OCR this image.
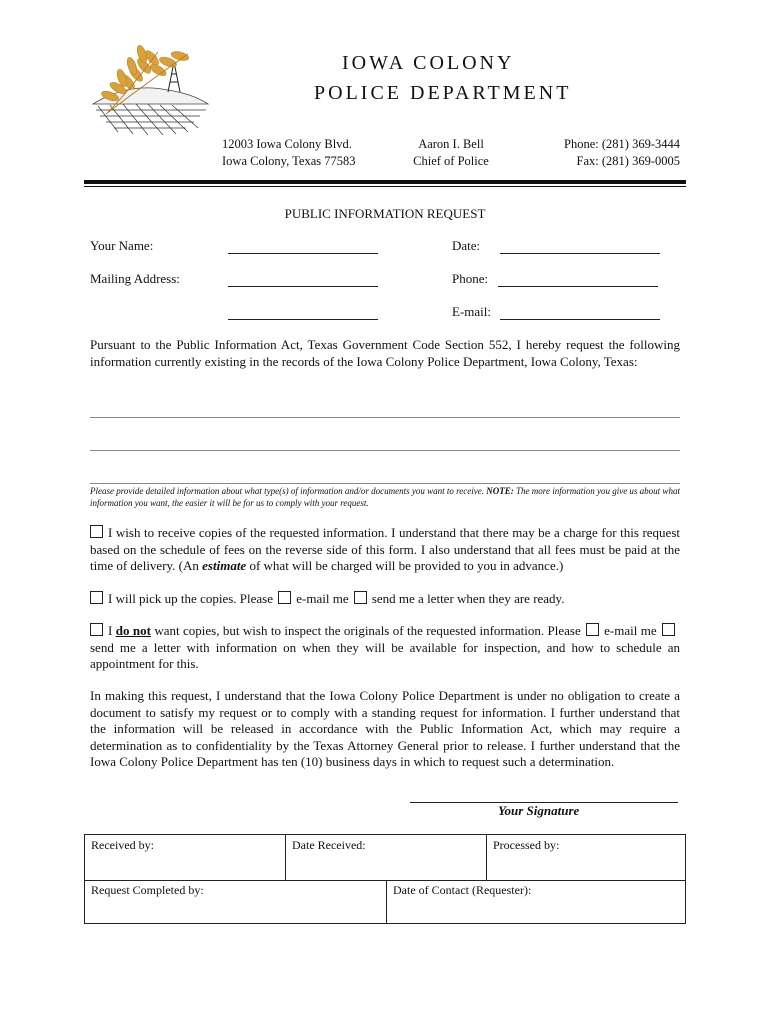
IOWA COLONY
POLICE DEPARTMENT
12003 Iowa Colony Blvd.
Iowa Colony, Texas 77583
Aaron I. Bell
Chief of Police
Phone: (281) 369-3444
Fax: (281) 369-0005
PUBLIC INFORMATION REQUEST
Your Name:	Date:
Mailing Address:	Phone:
E-mail:
Pursuant to the Public Information Act, Texas Government Code Section 552, I hereby request the following information currently existing in the records of the Iowa Colony Police Department, Iowa Colony, Texas:
Please provide detailed information about what type(s) of information and/or documents you want to receive. NOTE: The more information you give us about what information you want, the easier it will be for us to comply with your request.
I wish to receive copies of the requested information. I understand that there may be a charge for this request based on the schedule of fees on the reverse side of this form. I also understand that all fees must be paid at the time of delivery. (An estimate of what will be charged will be provided to you in advance.)
I will pick up the copies. Please e-mail me send me a letter when they are ready.
I do not want copies, but wish to inspect the originals of the requested information. Please e-mail me send me a letter with information on when they will be available for inspection, and how to schedule an appointment for this.
In making this request, I understand that the Iowa Colony Police Department is under no obligation to create a document to satisfy my request or to comply with a standing request for information. I further understand that the information will be released in accordance with the Public Information Act, which may require a determination as to confidentiality by the Texas Attorney General prior to release. I further understand that the Iowa Colony Police Department has ten (10) business days in which to request such a determination.
Your Signature
Received by:	Date Received:	Processed by:
Request Completed by:	Date of Contact (Requester):
